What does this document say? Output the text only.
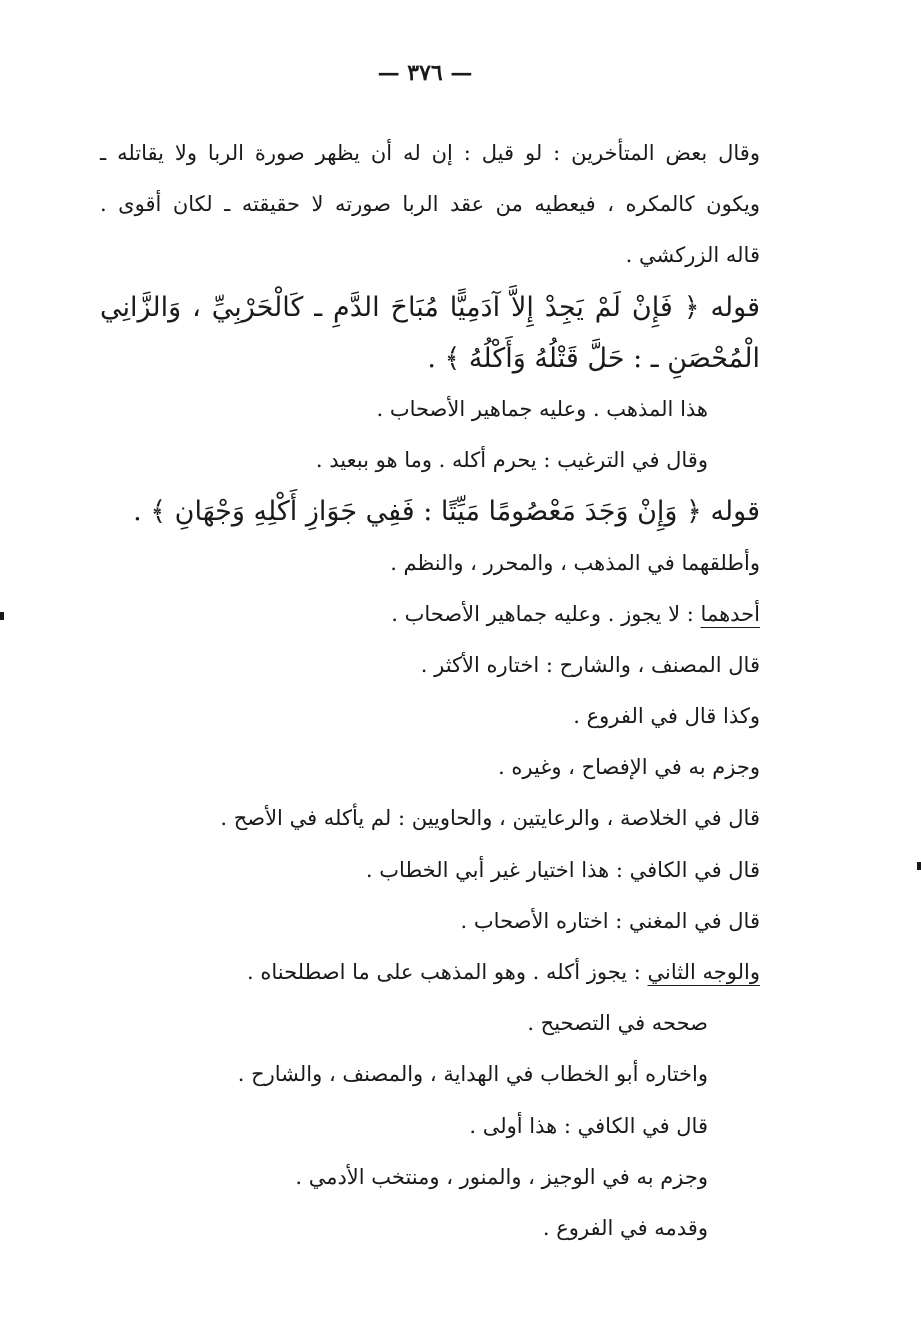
— ٣٧٦ —
وقال بعض المتأخرين : لو قيل : إن له أن يظهر صورة الربا ولا يقاتله ـ
ويكون كالمكره ، فيعطيه من عقد الربا صورته لا حقيقته ـ لكان أقوى .
قاله الزركشي .
قوله ﴿ فَإِنْ لَمْ يَجِدْ إِلاَّ آدَمِيًّا مُبَاحَ الدَّمِ ـ كَالْحَرْبِيِّ ، وَالزَّانِي
الْمُحْصَنِ ـ : حَلَّ قَتْلُهُ وَأَكْلُهُ ﴾ .
هذا المذهب . وعليه جماهير الأصحاب .
وقال في الترغيب : يحرم أكله . وما هو ببعيد .
قوله ﴿ وَإِنْ وَجَدَ مَعْصُومًا مَيِّتًا : فَفِي جَوَازِ أَكْلِهِ وَجْهَانِ ﴾ .
وأطلقهما في المذهب ، والمحرر ، والنظم .
أحدهما : لا يجوز . وعليه جماهير الأصحاب .
قال المصنف ، والشارح : اختاره الأكثر .
وكذا قال في الفروع .
وجزم به في الإفصاح ، وغيره .
قال في الخلاصة ، والرعايتين ، والحاويين : لم يأكله في الأصح .
قال في الكافي : هذا اختيار غير أبي الخطاب .
قال في المغني : اختاره الأصحاب .
والوجه الثاني : يجوز أكله . وهو المذهب على ما اصطلحناه .
صححه في التصحيح .
واختاره أبو الخطاب في الهداية ، والمصنف ، والشارح .
قال في الكافي : هذا أولى .
وجزم به في الوجيز ، والمنور ، ومنتخب الأدمي .
وقدمه في الفروع .
